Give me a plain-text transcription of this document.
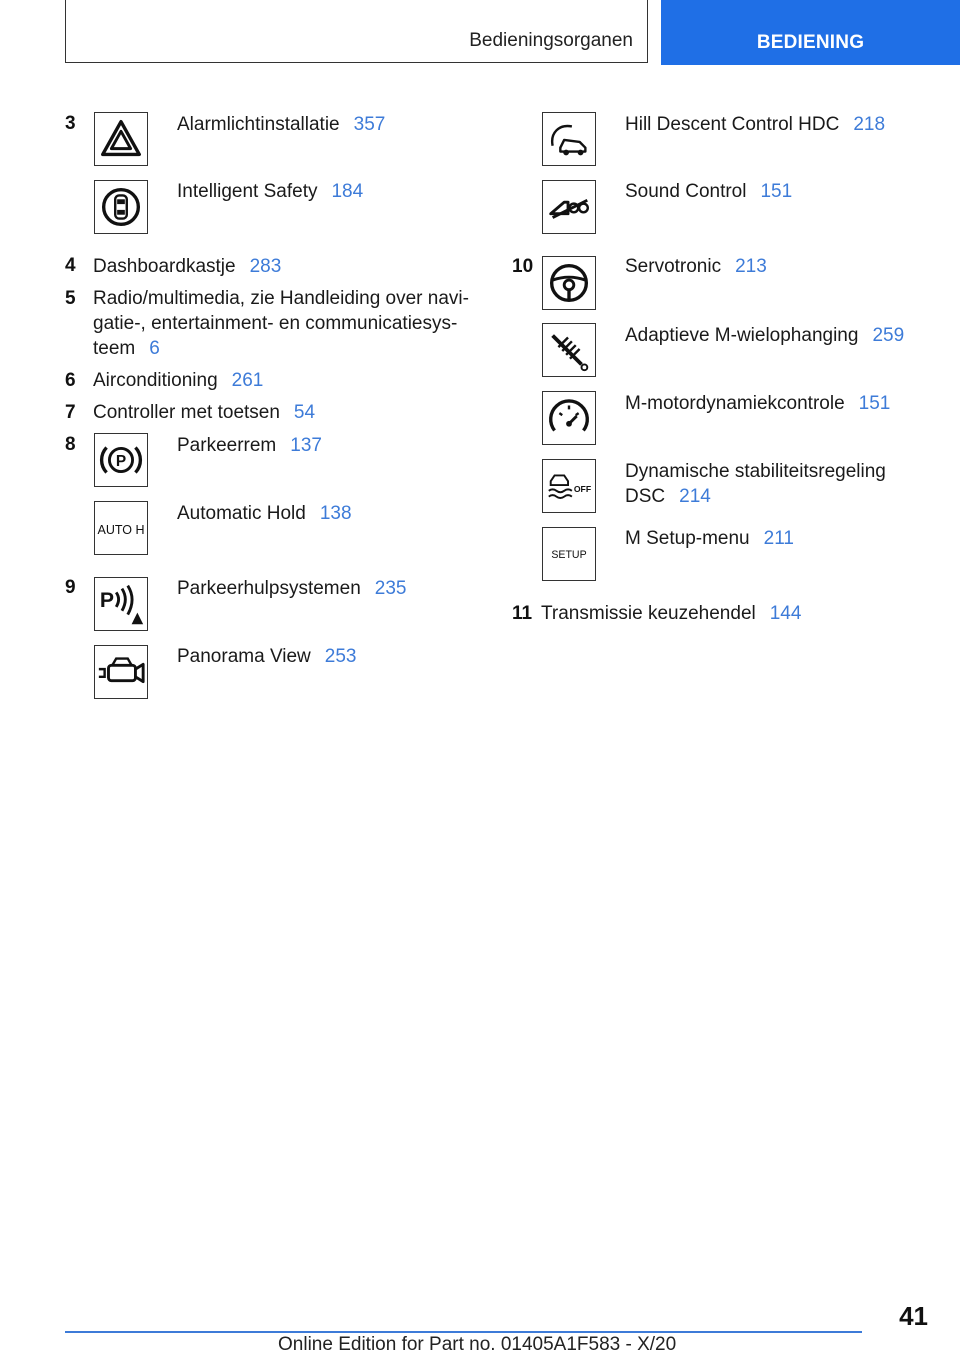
Bedieningsorganen	BEDIENING
3	Alarmlichtinstallatie 357
Intelligent Safety 184
4 Dashboardkastje 283
5 Radio/multimedia, zie Handleiding over navi-
gatie-, entertainment- en communicatiesys-
teem 6
6 Airconditioning 261
7 Controller met toetsen 54
8
P
Parkeerrem 137
AUTO H
Automatic Hold 138
9
P
Parkeerhulpsystemen 235
Panorama View 253
Hill Descent Control HDC 218
Sound Control 151
10	Servotronic 213
Adaptieve M-wielophanging 259
M-motordynamiekcontrole 151
OFF
Dynamische stabiliteitsregeling
DSC 214
SETUP
M Setup-menu 211
11 Transmissie keuzehendel 144
41
Online Edition for Part no. 01405A1F583 - X/20
